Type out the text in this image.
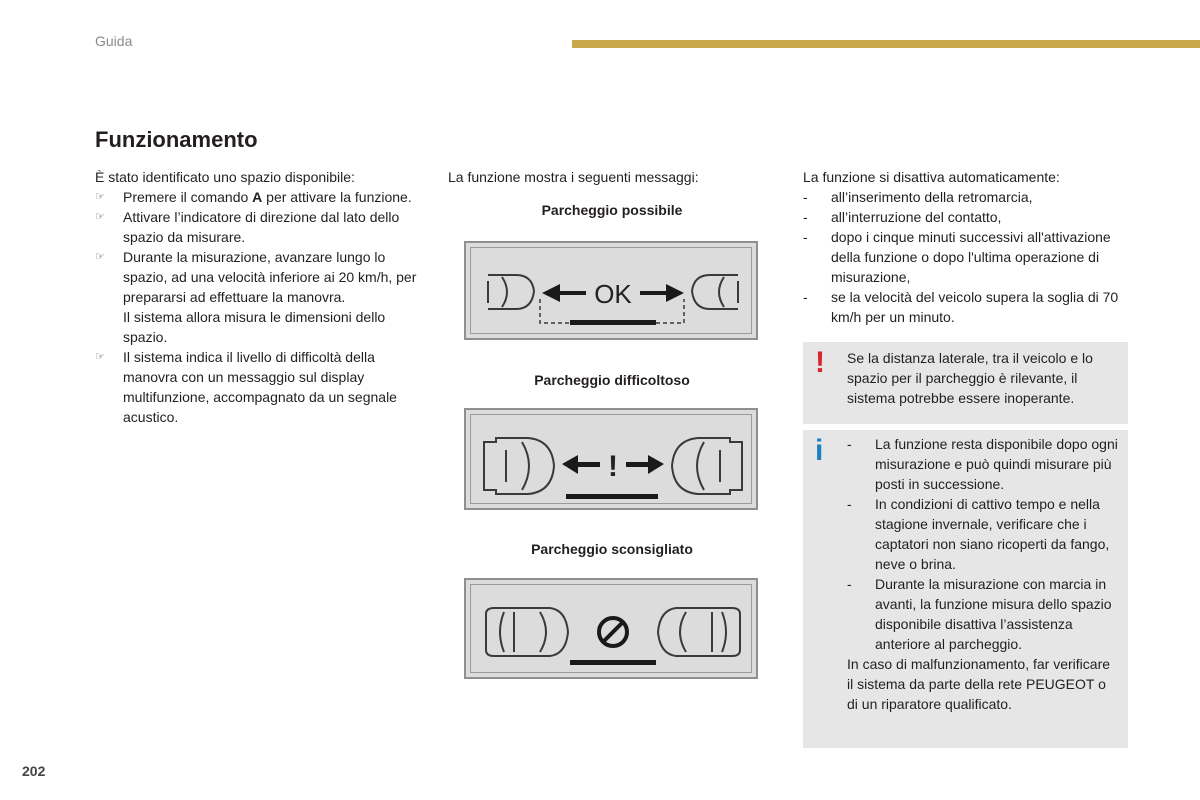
Guida
Funzionamento

È stato identificato uno spazio disponibile:

☞ Premere il comando A per attivare la funzione.
☞ Attivare l’indicatore di direzione dal lato dello spazio da misurare.
☞ Durante la misurazione, avanzare lungo lo spazio, ad una velocità inferiore ai 20 km/h, per prepararsi ad effettuare la manovra.
Il sistema allora misura le dimensioni dello spazio.
☞ Il sistema indica il livello di difficoltà della manovra con un messaggio sul display multifunzione, accompagnato da un segnale acustico.

La funzione mostra i seguenti messaggi:

Parcheggio possibile
OK
Parcheggio difficoltoso
!
Parcheggio sconsigliato

La funzione si disattiva automaticamente:

- all’inserimento della retromarcia,
- all’interruzione del contatto,
- dopo i cinque minuti successivi all'attivazione della funzione o dopo l'ultima operazione di misurazione,
- se la velocità del veicolo supera la soglia di 70 km/h per un minuto.
! Se la distanza laterale, tra il veicolo e lo spazio per il parcheggio è rilevante, il sistema potrebbe essere inoperante.
i - La funzione resta disponibile dopo ogni misurazione e può quindi misurare più posti in successione.
- In condizioni di cattivo tempo e nella stagione invernale, verificare che i captatori non siano ricoperti da fango, neve o brina.
- Durante la misurazione con marcia in avanti, la funzione misura dello spazio disponibile disattiva l’assistenza anteriore al parcheggio.
In caso di malfunzionamento, far verificare il sistema da parte della rete PEUGEOT o di un riparatore qualificato.
202
